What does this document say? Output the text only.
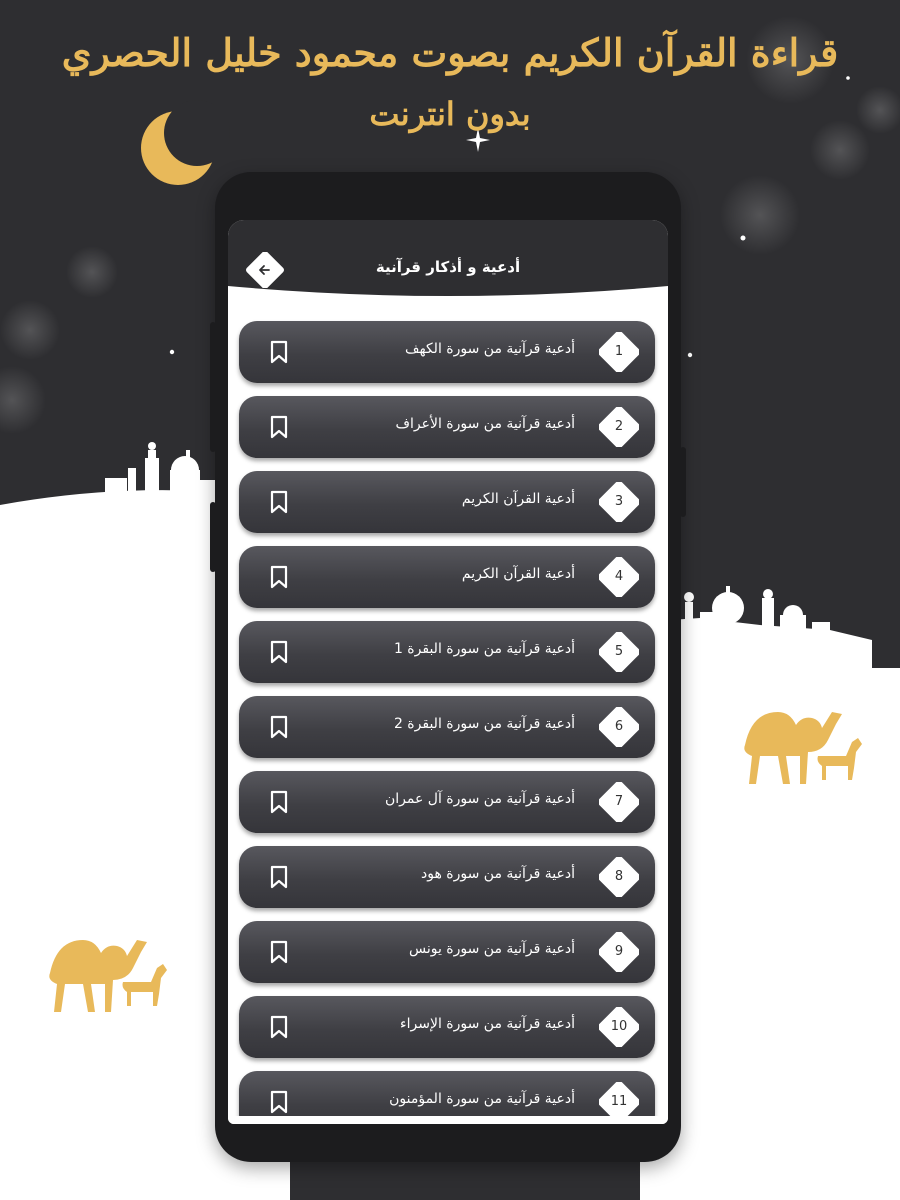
قراءة القرآن الكريم بصوت محمود خليل الحصري
بدون انترنت
1
أدعية قرآنية من سورة الكهف
2
أدعية قرآنية من سورة الأعراف
3
أدعية القرآن الكريم
4
أدعية القرآن الكريم
5
أدعية قرآنية من سورة البقرة 1
6
أدعية قرآنية من سورة البقرة 2
7
أدعية قرآنية من سورة آل عمران
8
أدعية قرآنية من سورة هود
9
أدعية قرآنية من سورة يونس
10
أدعية قرآنية من سورة الإسراء
11
أدعية قرآنية من سورة المؤمنون
أدعية و أذكار قرآنية
